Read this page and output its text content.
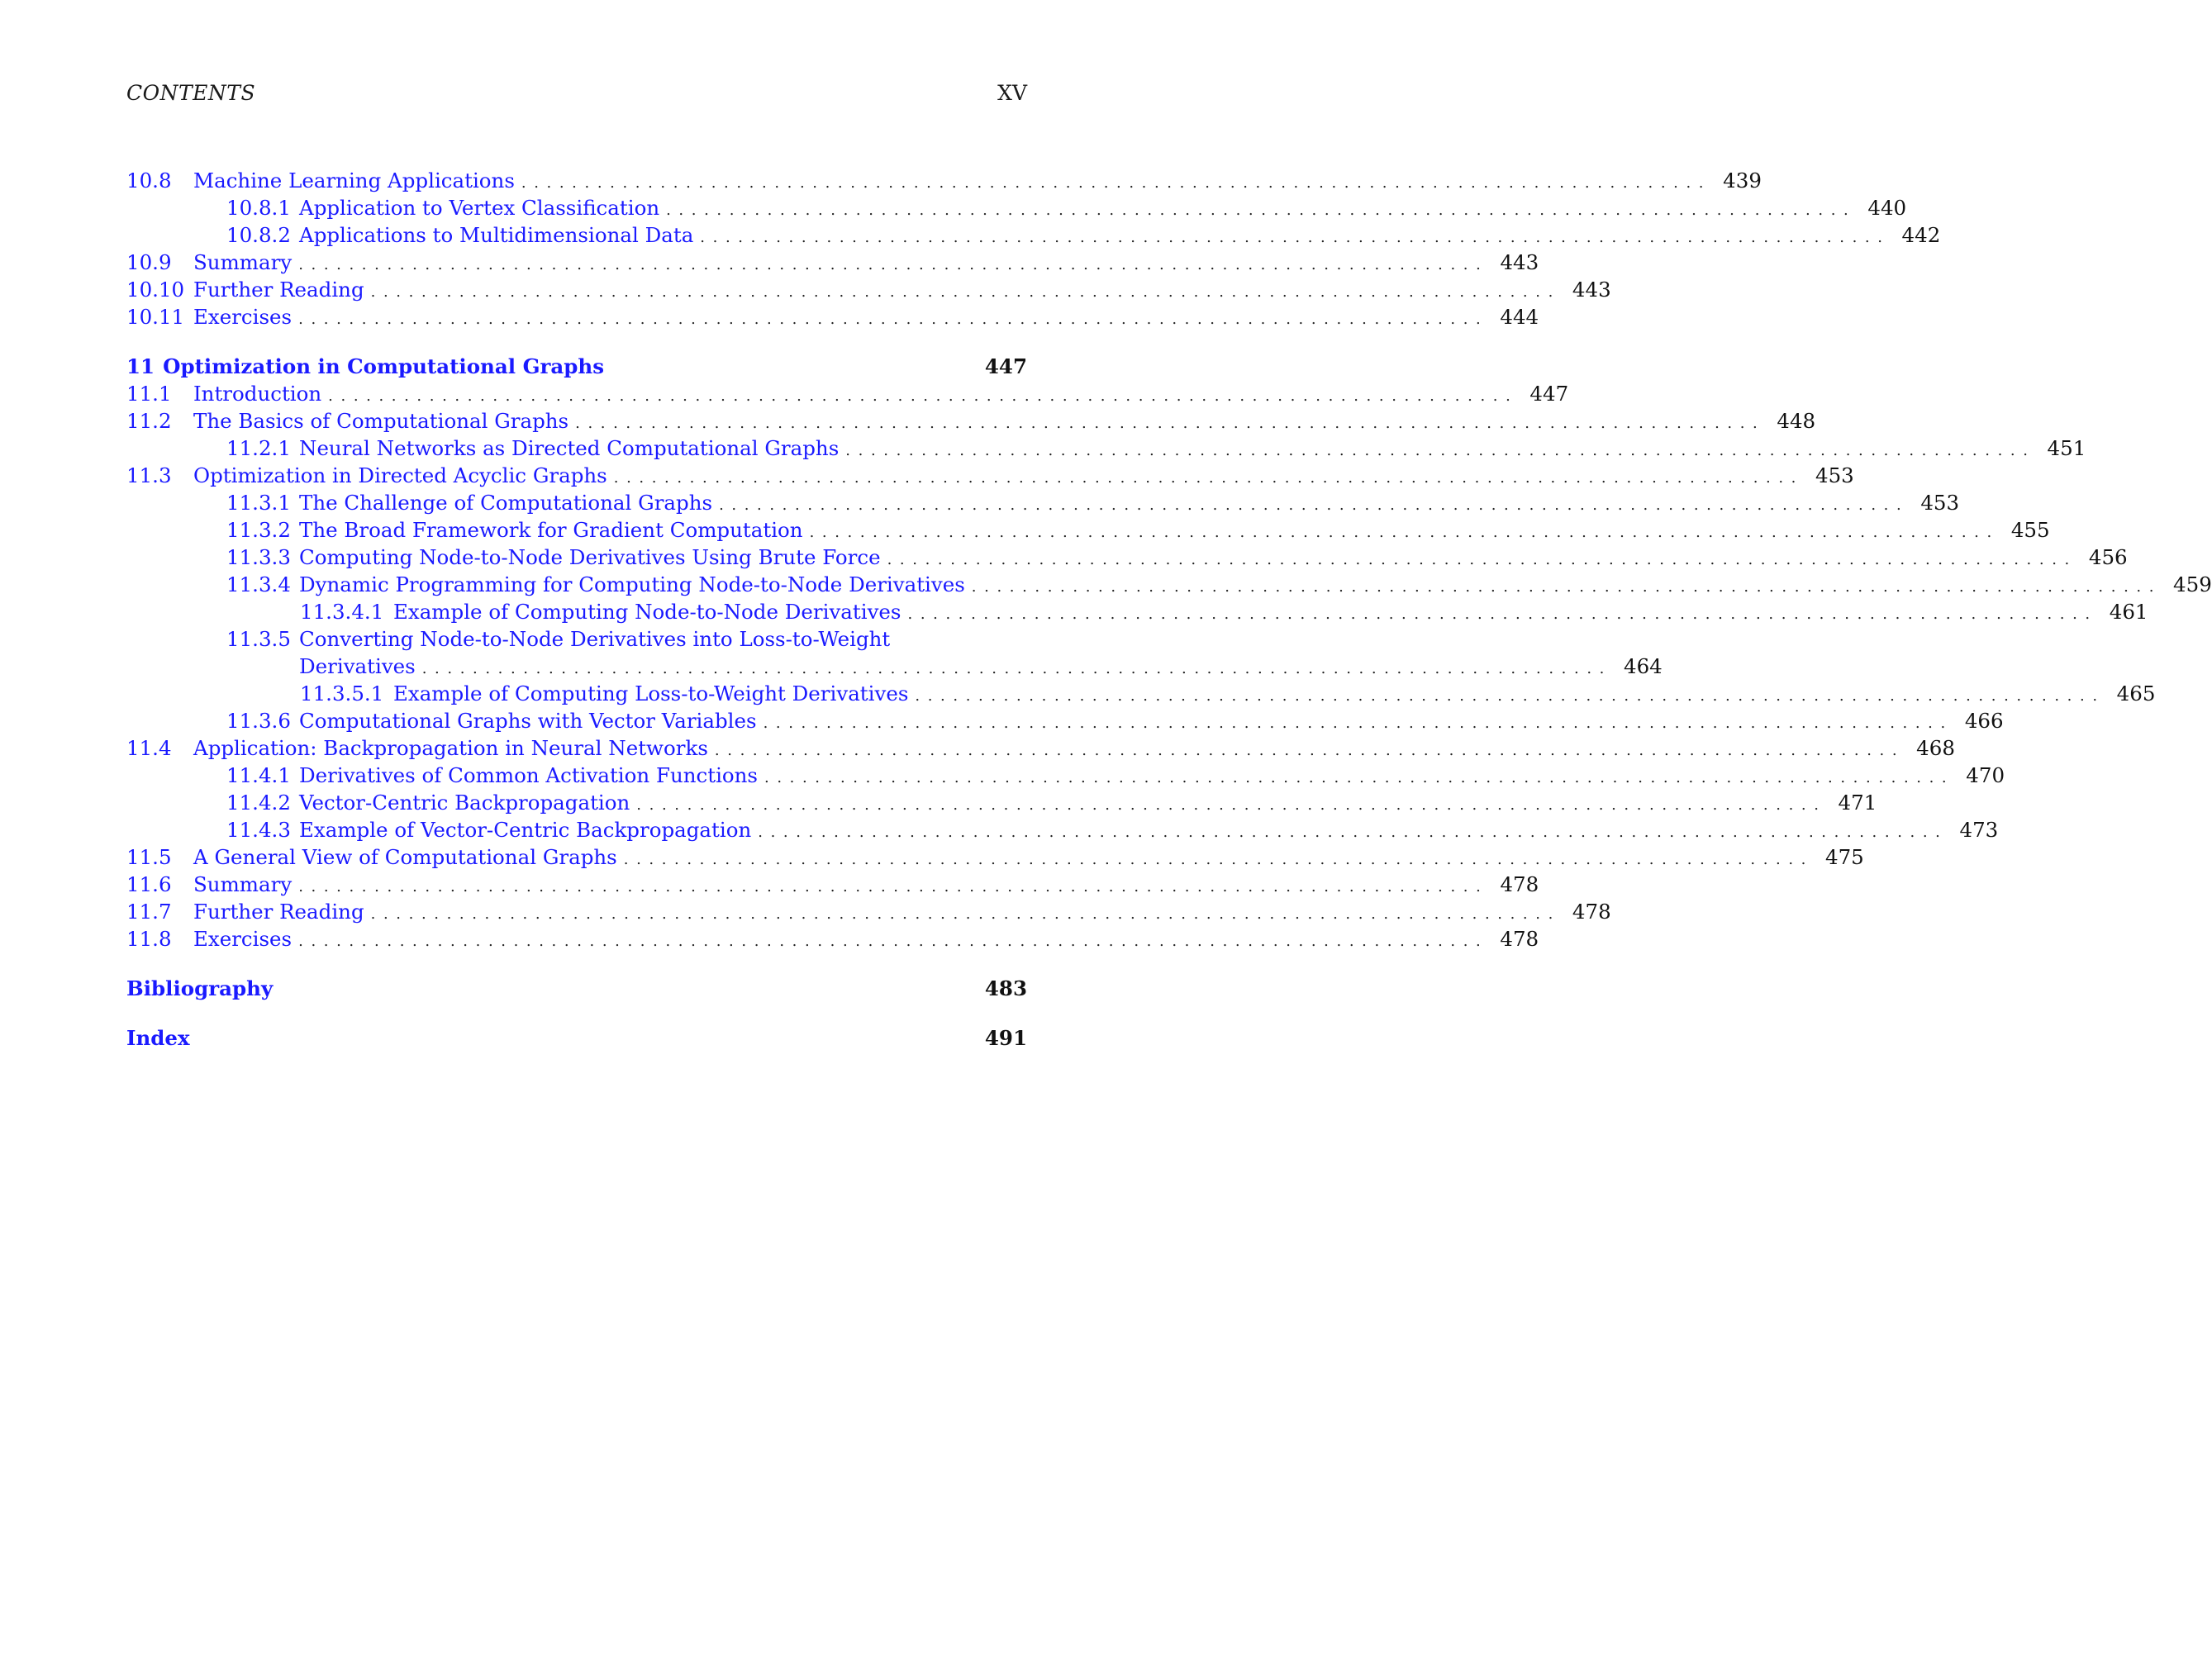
CONTENTS	XV
10.8	Machine Learning Applications .............................................................................................. 439
10.8.1 Application to Vertex Classification .............................................................................................. 440
10.8.2 Applications to Multidimensional Data .............................................................................................. 442
10.9	Summary .............................................................................................. 443
10.10 Further Reading .............................................................................................. 443
10.11 Exercises .............................................................................................. 444
11 Optimization in Computational Graphs	447
11.1	Introduction .............................................................................................. 447
11.2	The Basics of Computational Graphs .............................................................................................. 448
11.2.1 Neural Networks as Directed Computational Graphs .............................................................................................. 451
11.3	Optimization in Directed Acyclic Graphs .............................................................................................. 453
11.3.1 The Challenge of Computational Graphs .............................................................................................. 453
11.3.2 The Broad Framework for Gradient Computation .............................................................................................. 455
11.3.3 Computing Node-to-Node Derivatives Using Brute Force .............................................................................................. 456
11.3.4 Dynamic Programming for Computing Node-to-Node Derivatives .............................................................................................. 459
11.3.4.1 Example of Computing Node-to-Node Derivatives .............................................................................................. 461
11.3.5 Converting Node-to-Node Derivatives into Loss-to-Weight
Derivatives .............................................................................................. 464
11.3.5.1 Example of Computing Loss-to-Weight Derivatives .............................................................................................. 465
11.3.6 Computational Graphs with Vector Variables .............................................................................................. 466
11.4	Application: Backpropagation in Neural Networks .............................................................................................. 468
11.4.1 Derivatives of Common Activation Functions .............................................................................................. 470
11.4.2 Vector-Centric Backpropagation .............................................................................................. 471
11.4.3 Example of Vector-Centric Backpropagation .............................................................................................. 473
11.5	A General View of Computational Graphs .............................................................................................. 475
11.6	Summary .............................................................................................. 478
11.7	Further Reading .............................................................................................. 478
11.8	Exercises .............................................................................................. 478
Bibliography	483
Index	491
